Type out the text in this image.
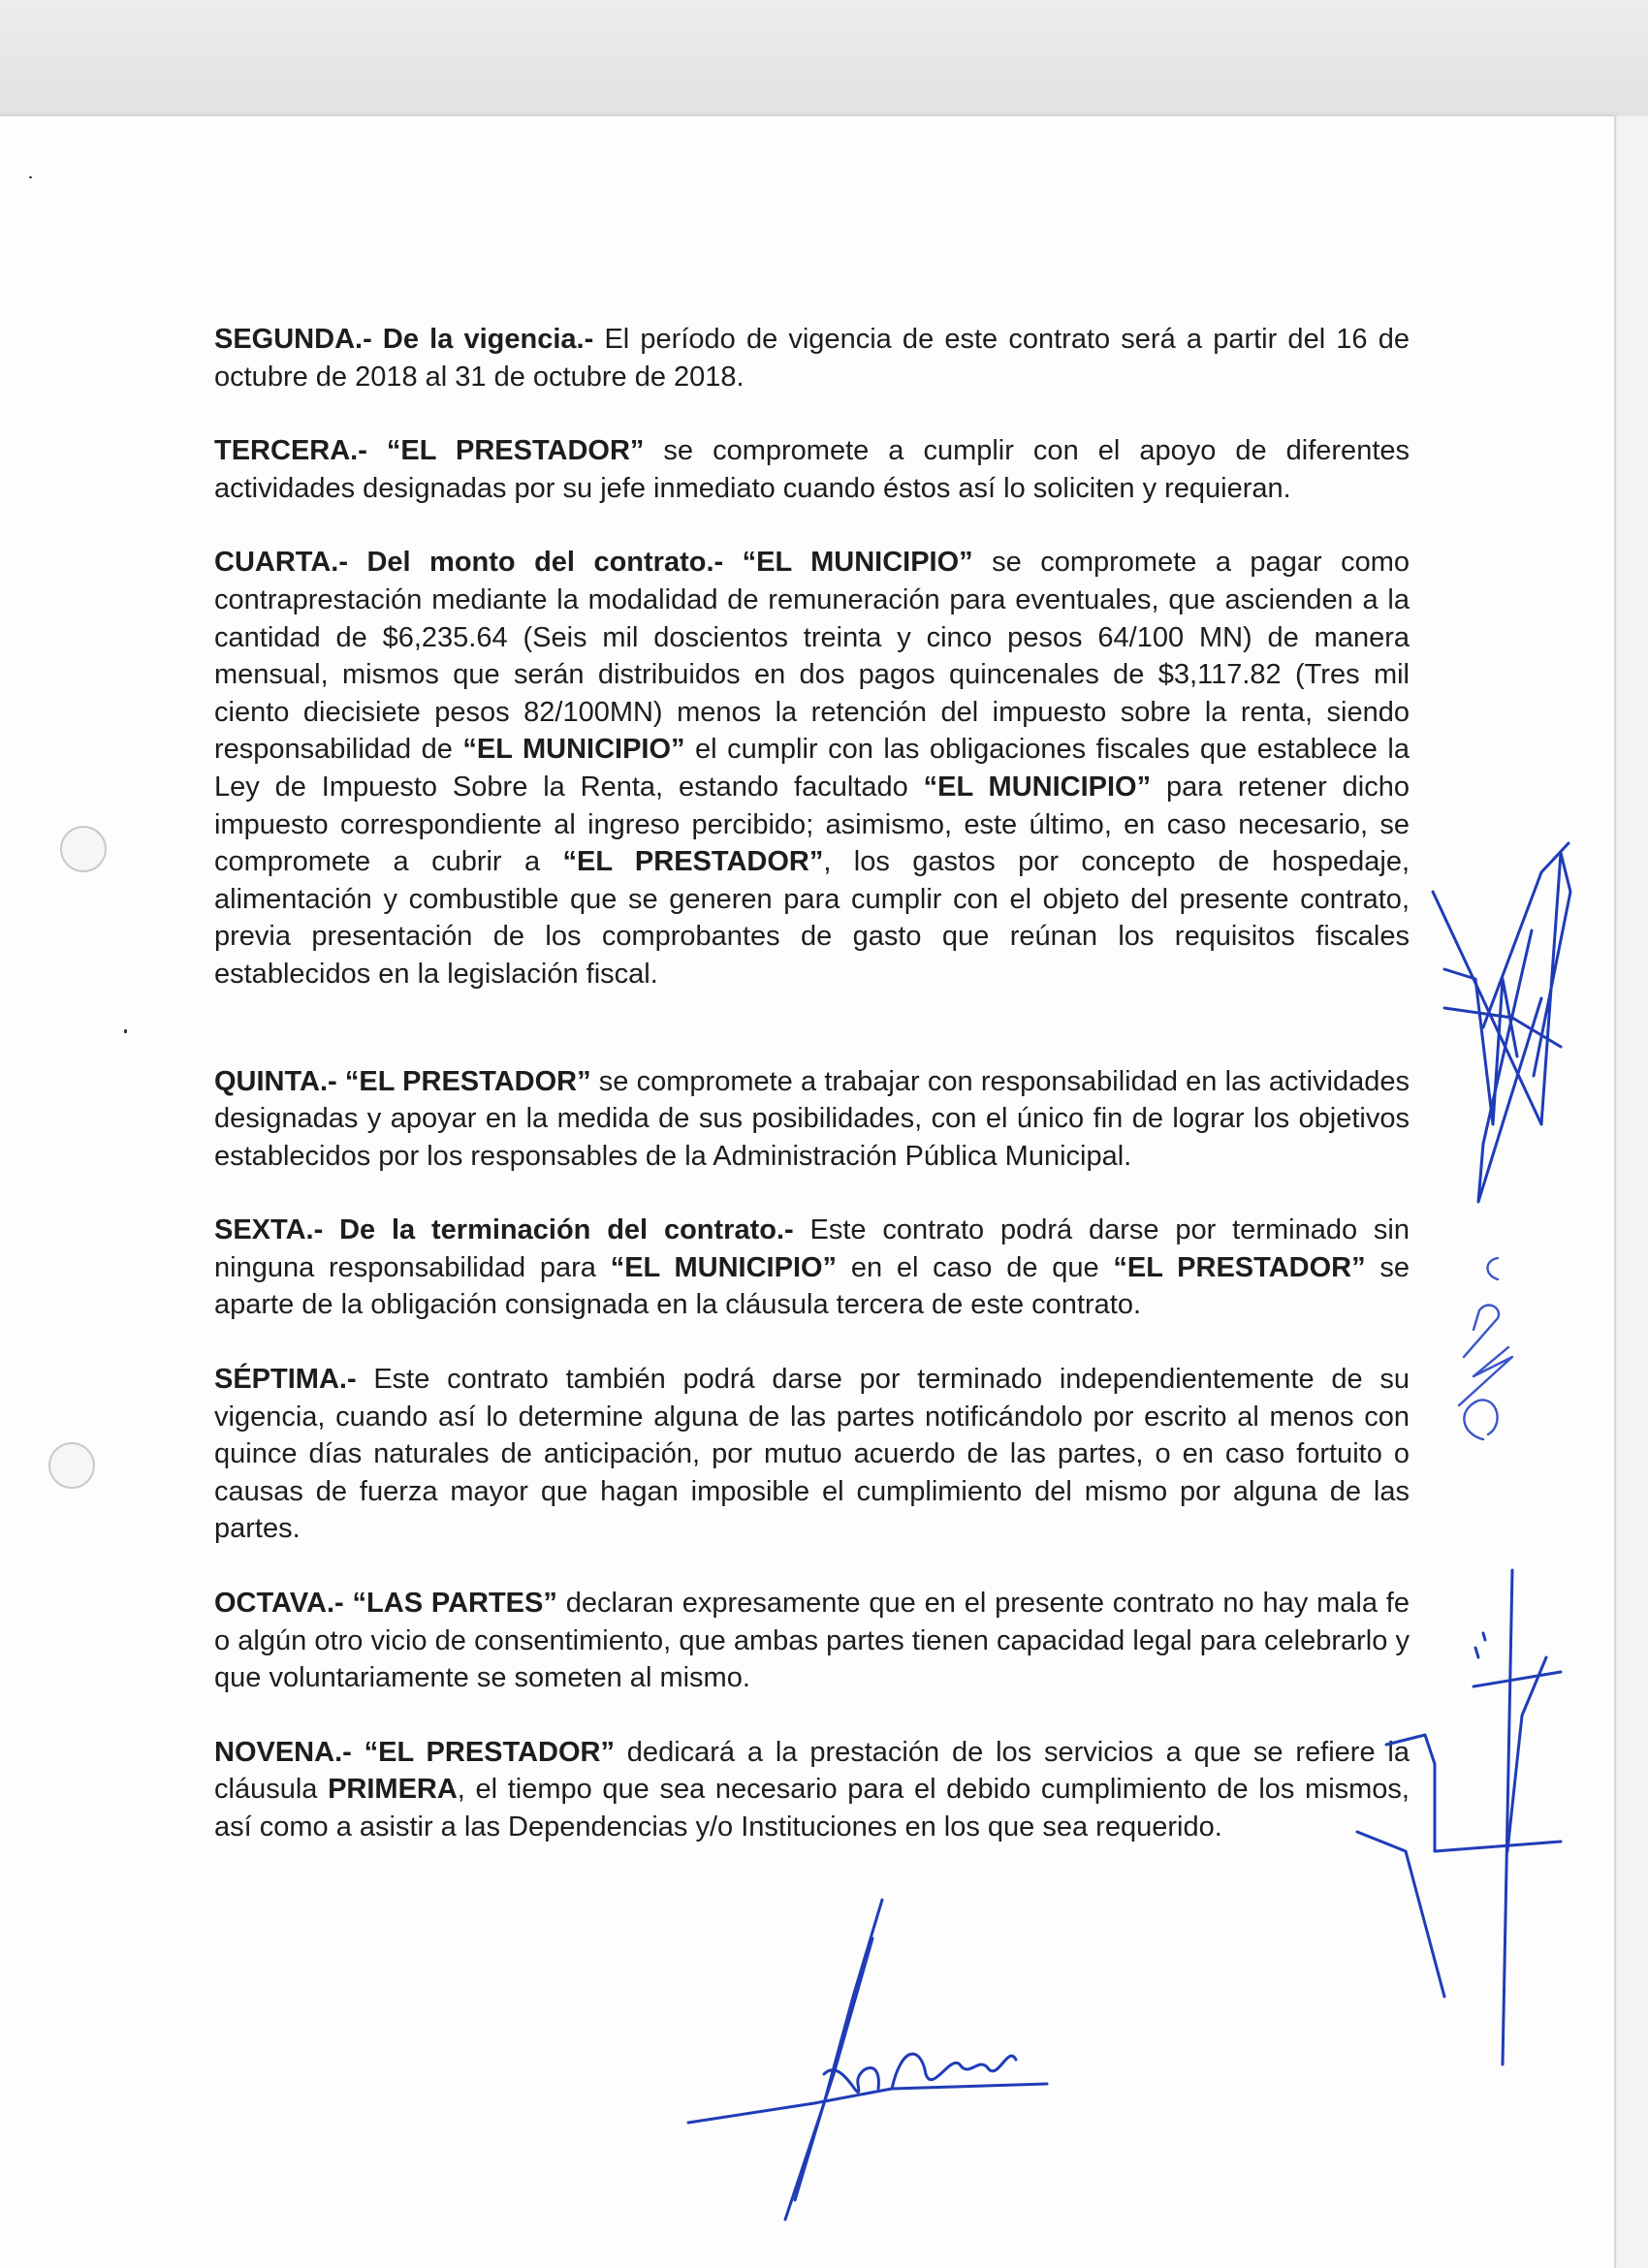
SEGUNDA.- De la vigencia.- El período de vigencia de este contrato será a partir del 16 de octubre de 2018 al 31 de octubre de 2018.

TERCERA.- “EL PRESTADOR” se compromete a cumplir con el apoyo de diferentes actividades designadas por su jefe inmediato cuando éstos así lo soliciten y requieran.

CUARTA.- Del monto del contrato.- “EL MUNICIPIO” se compromete a pagar como contraprestación mediante la modalidad de remuneración para eventuales, que ascienden a la cantidad de $6,235.64 (Seis mil doscientos treinta y cinco pesos 64/100 MN) de manera mensual, mismos que serán distribuidos en dos pagos quincenales de $3,117.82 (Tres mil ciento diecisiete pesos 82/100MN) menos la retención del impuesto sobre la renta, siendo responsabilidad de “EL MUNICIPIO” el cumplir con las obligaciones fiscales que establece la Ley de Impuesto Sobre la Renta, estando facultado “EL MUNICIPIO” para retener dicho impuesto correspondiente al ingreso percibido; asimismo, este último, en caso necesario, se compromete a cubrir a “EL PRESTADOR”, los gastos por concepto de hospedaje, alimentación y combustible que se generen para cumplir con el objeto del presente contrato, previa presentación de los comprobantes de gasto que reúnan los requisitos fiscales establecidos en la legislación fiscal.

QUINTA.- “EL PRESTADOR” se compromete a trabajar con responsabilidad en las actividades designadas y apoyar en la medida de sus posibilidades, con el único fin de lograr los objetivos establecidos por los responsables de la Administración Pública Municipal.

SEXTA.- De la terminación del contrato.- Este contrato podrá darse por terminado sin ninguna responsabilidad para “EL MUNICIPIO” en el caso de que “EL PRESTADOR” se aparte de la obligación consignada en la cláusula tercera de este contrato.

SÉPTIMA.- Este contrato también podrá darse por terminado independientemente de su vigencia, cuando así lo determine alguna de las partes notificándolo por escrito al menos con quince días naturales de anticipación, por mutuo acuerdo de las partes, o en caso fortuito o causas de fuerza mayor que hagan imposible el cumplimiento del mismo por alguna de las partes.

OCTAVA.- “LAS PARTES” declaran expresamente que en el presente contrato no hay mala fe o algún otro vicio de consentimiento, que ambas partes tienen capacidad legal para celebrarlo y que voluntariamente se someten al mismo.

NOVENA.- “EL PRESTADOR” dedicará a la prestación de los servicios a que se refiere la cláusula PRIMERA, el tiempo que sea necesario para el debido cumplimiento de los mismos, así como a asistir a las Dependencias y/o Instituciones en los que sea requerido.
